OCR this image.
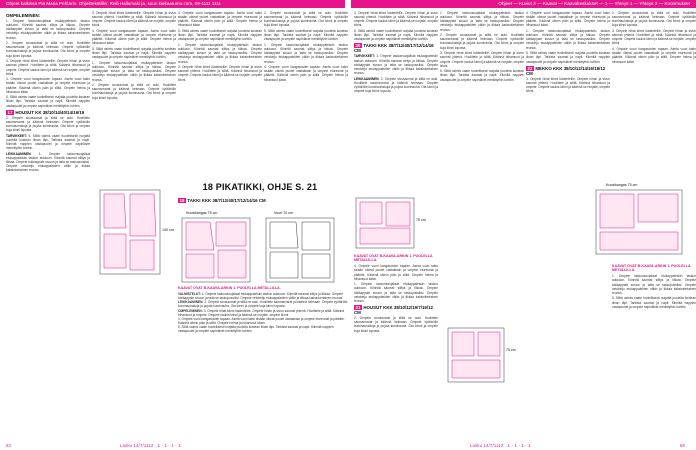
Ohjeet kaikissa Pia Maria Pehtarin. Ohjeittekstillin: Reili Hallamaki ja, suun kiekaatumo.com, 09-1111 1111	Ohjeet — Kuviot 3 — Kaavat — Kaavakeskukset — 1 — Yhteys 1 — Yhteys 2 — Koonmukset
OMPELEMINEN:

1. Ompele taskunsuojalisat etukappaleisiin taskun aukkoon. Kiinnitä saumat silitys ja tikkaa. Ompele tukikappale sivuun ja taita se taskupussiksi. Ompele vetoketju etukappaleiden väliin ja tikkaa kaksinkertainen reunus.

2. Ompele sivusaumat ja silitä ne auki. Huolittele saumanvarat ja käännä helmaan. Ompele vyötärölle kuminauhakuja ja pujota kuminauha. Ota kiinni ja ompele kuja kiinni lopusta.

3. Ompele hihat kiinni kädenteille. Ompele hihan ja sivun saumat yhtenä. Huolittele ja silitä. Käännä hihansuut ja ompele. Ompele kaulus kiinni ja käännä se nurjalle, ompele kiinni.

4. Ompele vuori kangasosien tapaan. Aseta vuori takin sisään oikeat puolet vastakkain ja ompele etureunat ja pääntie. Käännä oikein päin ja silitä. Ompele helma ja hihansuut käsin.

5. Silitä valmis vaate huolellisesti nurjalta puolelta kostean liinan läpi. Tarkista saumat ja napit. Kiinnitä nappien vastapuolet ja ompele napinlävet merkittyihin kohtiin.

17 HOUSUT KK 38/10/14/40/14/16/19

2. Ompele sivusaumat ja silitä ne auki. Huolittele saumanvarat ja käännä helmaan. Ompele vyötärölle kuminauhakuja ja pujota kuminauha. Ota kiinni ja ompele kuja kiinni lopusta.

TARVIKKEET: 5. Silitä valmis vaate huolellisesti nurjalta puolelta kostean liinan läpi. Tarkista saumat ja napit. Kiinnitä nappien vastapuolet ja ompele napinlävet merkittyihin kohtiin.

LEIKKAAMINEN: 1. Ompele taskunsuojalisat etukappaleisiin taskun aukkoon. Kiinnitä saumat silitys ja tikkaa. Ompele tukikappale sivuun ja taita se taskupussiksi. Ompele vetoketju etukappaleiden väliin ja tikkaa kaksinkertainen reunus.

3. Ompele hihat kiinni kädenteille. Ompele hihan ja sivun saumat yhtenä. Huolittele ja silitä. Käännä hihansuut ja ompele. Ompele kaulus kiinni ja käännä se nurjalle, ompele kiinni.

4. Ompele vuori kangasosien tapaan. Aseta vuori takin sisään oikeat puolet vastakkain ja ompele etureunat ja pääntie. Käännä oikein päin ja silitä. Ompele helma ja hihansuut käsin.

5. Silitä valmis vaate huolellisesti nurjalta puolelta kostean liinan läpi. Tarkista saumat ja napit. Kiinnitä nappien vastapuolet ja ompele napinlävet merkittyihin kohtiin.

1. Ompele taskunsuojalisat etukappaleisiin taskun aukkoon. Kiinnitä saumat silitys ja tikkaa. Ompele tukikappale sivuun ja taita se taskupussiksi. Ompele vetoketju etukappaleiden väliin ja tikkaa kaksinkertainen reunus.

2. Ompele sivusaumat ja silitä ne auki. Huolittele saumanvarat ja käännä helmaan. Ompele vyötärölle kuminauhakuja ja pujota kuminauha. Ota kiinni ja ompele kuja kiinni lopusta.

4. Ompele vuori kangasosien tapaan. Aseta vuori takin sisään oikeat puolet vastakkain ja ompele etureunat ja pääntie. Käännä oikein päin ja silitä. Ompele helma ja hihansuut käsin.

5. Silitä valmis vaate huolellisesti nurjalta puolelta kostean liinan läpi. Tarkista saumat ja napit. Kiinnitä nappien vastapuolet ja ompele napinlävet merkittyihin kohtiin.

1. Ompele taskunsuojalisat etukappaleisiin taskun aukkoon. Kiinnitä saumat silitys ja tikkaa. Ompele tukikappale sivuun ja taita se taskupussiksi. Ompele vetoketju etukappaleiden väliin ja tikkaa kaksinkertainen reunus.

3. Ompele hihat kiinni kädenteille. Ompele hihan ja sivun saumat yhtenä. Huolittele ja silitä. Käännä hihansuut ja ompele. Ompele kaulus kiinni ja käännä se nurjalle, ompele kiinni.

2. Ompele sivusaumat ja silitä ne auki. Huolittele saumanvarat ja käännä helmaan. Ompele vyötärölle kuminauhakuja ja pujota kuminauha. Ota kiinni ja ompele kuja kiinni lopusta.

5. Silitä valmis vaate huolellisesti nurjalta puolelta kostean liinan läpi. Tarkista saumat ja napit. Kiinnitä nappien vastapuolet ja ompele napinlävet merkittyihin kohtiin.

1. Ompele taskunsuojalisat etukappaleisiin taskun aukkoon. Kiinnitä saumat silitys ja tikkaa. Ompele tukikappale sivuun ja taita se taskupussiksi. Ompele vetoketju etukappaleiden väliin ja tikkaa kaksinkertainen reunus.

4. Ompele vuori kangasosien tapaan. Aseta vuori takin sisään oikeat puolet vastakkain ja ompele etureunat ja pääntie. Käännä oikein päin ja silitä. Ompele helma ja hihansuut käsin.

140 cm
18 PIKATIKKI, OHJE S. 21
19 TAKKI KKK 38/7/12/40/17/12/14/16 CM
Kuosikangas 75 cm	Vuori 70 cm
KAAVAT OVAT B-KAAVA-ARKIN 1. PUOLELLA METALLILLA.

VALMISTELUT: 1. Ompele taskunsuojalisat etukappaleisiin taskun aukkoon. Kiinnitä saumat silitys ja tikkaa. Ompele tukikappale sivuun ja taita se taskupussiksi. Ompele vetoketju etukappaleiden väliin ja tikkaa kaksinkertainen reunus.

LEIKKAAMINEN: 2. Ompele sivusaumat ja silitä ne auki. Huolittele saumanvarat ja käännä helmaan. Ompele vyötärölle kuminauhakuja ja pujota kuminauha. Ota kiinni ja ompele kuja kiinni lopusta.

OMPELEMINEN: 3. Ompele hihat kiinni kädenteille. Ompele hihan ja sivun saumat yhtenä. Huolittele ja silitä. Käännä hihansuut ja ompele. Ompele kaulus kiinni ja käännä se nurjalle, ompele kiinni.

4. Ompele vuori kangasosien tapaan. Aseta vuori takin sisään oikeat puolet vastakkain ja ompele etureunat ja pääntie. Käännä oikein päin ja silitä. Ompele helma ja hihansuut käsin.

5. Silitä valmis vaate huolellisesti nurjalta puolelta kostean liinan läpi. Tarkista saumat ja napit. Kiinnitä nappien vastapuolet ja ompele napinlävet merkittyihin kohtiin.

3. Ompele hihat kiinni kädenteille. Ompele hihan ja sivun saumat yhtenä. Huolittele ja silitä. Käännä hihansuut ja ompele. Ompele kaulus kiinni ja käännä se nurjalle, ompele kiinni.

5. Silitä valmis vaate huolellisesti nurjalta puolelta kostean liinan läpi. Tarkista saumat ja napit. Kiinnitä nappien vastapuolet ja ompele napinlävet merkittyihin kohtiin.

20 TAKKI KKK 38/7/12/40/17/12/14/16 CM

TARVIKKEET: 1. Ompele taskunsuojalisat etukappaleisiin taskun aukkoon. Kiinnitä saumat silitys ja tikkaa. Ompele tukikappale sivuun ja taita se taskupussiksi. Ompele vetoketju etukappaleiden väliin ja tikkaa kaksinkertainen reunus.

LEIKKAAMINEN: 2. Ompele sivusaumat ja silitä ne auki. Huolittele saumanvarat ja käännä helmaan. Ompele vyötärölle kuminauhakuja ja pujota kuminauha. Ota kiinni ja ompele kuja kiinni lopusta.

75 cm
KAAVAT OVAT B-KAAVA-ARKIN 1. PUOLELLA METALLILLA.

4. Ompele vuori kangasosien tapaan. Aseta vuori takin sisään oikeat puolet vastakkain ja ompele etureunat ja pääntie. Käännä oikein päin ja silitä. Ompele helma ja hihansuut käsin.

1. Ompele taskunsuojalisat etukappaleisiin taskun aukkoon. Kiinnitä saumat silitys ja tikkaa. Ompele tukikappale sivuun ja taita se taskupussiksi. Ompele vetoketju etukappaleiden väliin ja tikkaa kaksinkertainen reunus.

21 HOUSUT KKK 38/10/12/19/7/19/12 CM

2. Ompele sivusaumat ja silitä ne auki. Huolittele saumanvarat ja käännä helmaan. Ompele vyötärölle kuminauhakuja ja pujota kuminauha. Ota kiinni ja ompele kuja kiinni lopusta.

1. Ompele taskunsuojalisat etukappaleisiin taskun aukkoon. Kiinnitä saumat silitys ja tikkaa. Ompele tukikappale sivuun ja taita se taskupussiksi. Ompele vetoketju etukappaleiden väliin ja tikkaa kaksinkertainen reunus.

2. Ompele sivusaumat ja silitä ne auki. Huolittele saumanvarat ja käännä helmaan. Ompele vyötärölle kuminauhakuja ja pujota kuminauha. Ota kiinni ja ompele kuja kiinni lopusta.

3. Ompele hihat kiinni kädenteille. Ompele hihan ja sivun saumat yhtenä. Huolittele ja silitä. Käännä hihansuut ja ompele. Ompele kaulus kiinni ja käännä se nurjalle, ompele kiinni.

5. Silitä valmis vaate huolellisesti nurjalta puolelta kostean liinan läpi. Tarkista saumat ja napit. Kiinnitä nappien vastapuolet ja ompele napinlävet merkittyihin kohtiin.

75 cm

4. Ompele vuori kangasosien tapaan. Aseta vuori takin sisään oikeat puolet vastakkain ja ompele etureunat ja pääntie. Käännä oikein päin ja silitä. Ompele helma ja hihansuut käsin.

1. Ompele taskunsuojalisat etukappaleisiin taskun aukkoon. Kiinnitä saumat silitys ja tikkaa. Ompele tukikappale sivuun ja taita se taskupussiksi. Ompele vetoketju etukappaleiden väliin ja tikkaa kaksinkertainen reunus.

5. Silitä valmis vaate huolellisesti nurjalta puolelta kostean liinan läpi. Tarkista saumat ja napit. Kiinnitä nappien vastapuolet ja ompele napinlävet merkittyihin kohtiin.

22 MEKKO KKK 38/10/12/14/16/19/12 CM

3. Ompele hihat kiinni kädenteille. Ompele hihan ja sivun saumat yhtenä. Huolittele ja silitä. Käännä hihansuut ja ompele. Ompele kaulus kiinni ja käännä se nurjalle, ompele kiinni.

Kuosikangas 75 cm

2. Ompele sivusaumat ja silitä ne auki. Huolittele saumanvarat ja käännä helmaan. Ompele vyötärölle kuminauhakuja ja pujota kuminauha. Ota kiinni ja ompele kuja kiinni lopusta.

3. Ompele hihat kiinni kädenteille. Ompele hihan ja sivun saumat yhtenä. Huolittele ja silitä. Käännä hihansuut ja ompele. Ompele kaulus kiinni ja käännä se nurjalle, ompele kiinni.

4. Ompele vuori kangasosien tapaan. Aseta vuori takin sisään oikeat puolet vastakkain ja ompele etureunat ja pääntie. Käännä oikein päin ja silitä. Ompele helma ja hihansuut käsin.

KAAVAT OVAT B-KAAVA-ARKIN 1. PUOLELLA METALLILLA.

1. Ompele taskunsuojalisat etukappaleisiin taskun aukkoon. Kiinnitä saumat silitys ja tikkaa. Ompele tukikappale sivuun ja taita se taskupussiksi. Ompele vetoketju etukappaleiden väliin ja tikkaa kaksinkertainen reunus.

5. Silitä valmis vaate huolellisesti nurjalta puolelta kostean liinan läpi. Tarkista saumat ja napit. Kiinnitä nappien vastapuolet ja ompele napinlävet merkittyihin kohtiin.

Lasku 14/7/1112 · 1 · 1 · 1 · 1
63	Lasku 14/7/1112 · 1 · 1 · 1 · 1	65
